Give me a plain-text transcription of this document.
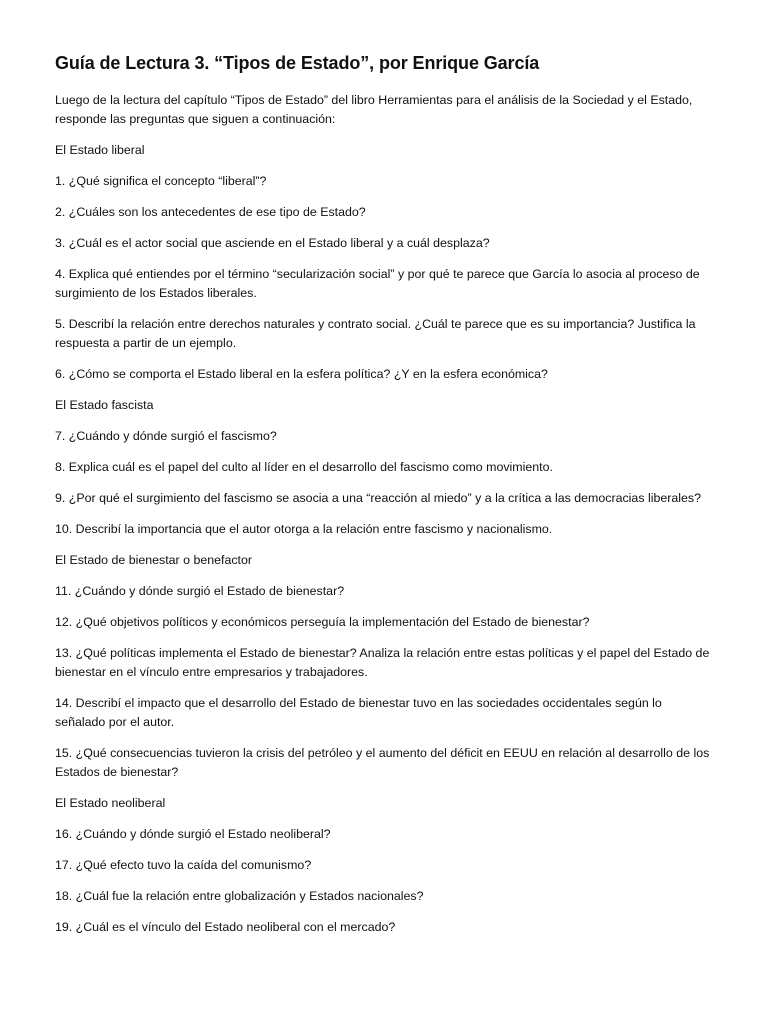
Guía de Lectura 3. “Tipos de Estado”, por Enrique García

Luego de la lectura del capítulo “Tipos de Estado” del libro Herramientas para el análisis de la Sociedad y el Estado, responde las preguntas que siguen a continuación:

El Estado liberal

1. ¿Qué significa el concepto “liberal”?

2. ¿Cuáles son los antecedentes de ese tipo de Estado?

3. ¿Cuál es el actor social que asciende en el Estado liberal y a cuál desplaza?

4. Explica qué entiendes por el término “secularización social” y por qué te parece que García lo asocia al proceso de surgimiento de los Estados liberales.

5. Describí la relación entre derechos naturales y contrato social. ¿Cuál te parece que es su importancia? Justifica la respuesta a partir de un ejemplo.

6. ¿Cómo se comporta el Estado liberal en la esfera política? ¿Y en la esfera económica?

El Estado fascista

7. ¿Cuándo y dónde surgió el fascismo?

8. Explica cuál es el papel del culto al líder en el desarrollo del fascismo como movimiento.

9. ¿Por qué el surgimiento del fascismo se asocia a una “reacción al miedo” y a la crítica a las democracias liberales?

10. Describí la importancia que el autor otorga a la relación entre fascismo y nacionalismo.

El Estado de bienestar o benefactor

11. ¿Cuándo y dónde surgió el Estado de bienestar?

12. ¿Qué objetivos políticos y económicos perseguía la implementación del Estado de bienestar?

13. ¿Qué políticas implementa el Estado de bienestar? Analiza la relación entre estas políticas y el papel del Estado de bienestar en el vínculo entre empresarios y trabajadores.

14. Describí el impacto que el desarrollo del Estado de bienestar tuvo en las sociedades occidentales según lo señalado por el autor.

15. ¿Qué consecuencias tuvieron la crisis del petróleo y el aumento del déficit en EEUU en relación al desarrollo de los Estados de bienestar?

El Estado neoliberal

16. ¿Cuándo y dónde surgió el Estado neoliberal?

17. ¿Qué efecto tuvo la caída del comunismo?

18. ¿Cuál fue la relación entre globalización y Estados nacionales?

19. ¿Cuál es el vínculo del Estado neoliberal con el mercado?
